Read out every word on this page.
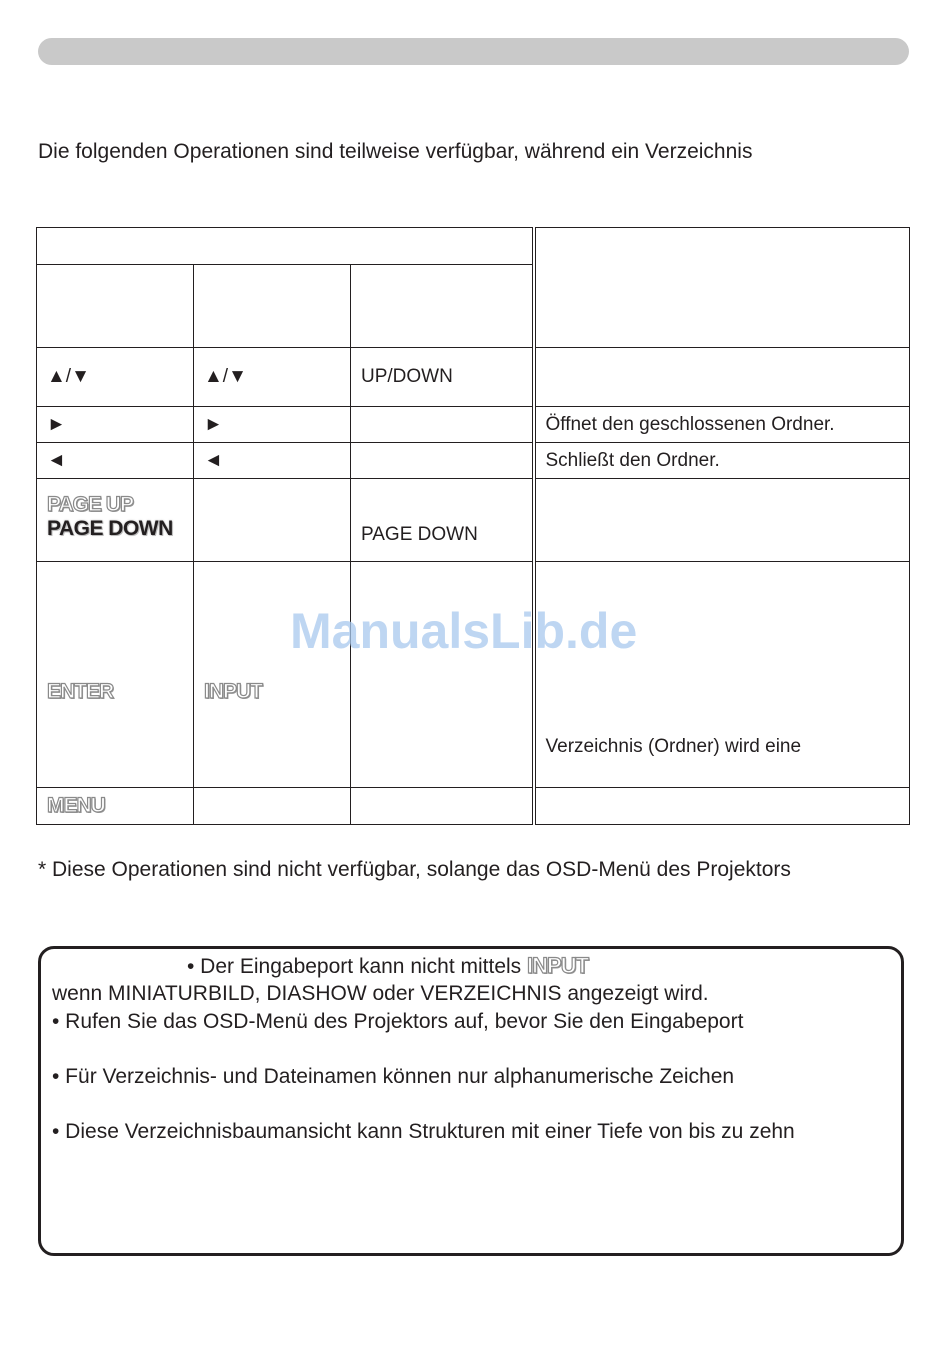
Die folgenden Operationen sind teilweise verfügbar, während ein Verzeichnis

▲/▼	▲/▼	UP/DOWN	
►	►		Öffnet den geschlossenen Ordner.
◄	◄		Schließt den Ordner.

PAGE UP
PAGE DOWN		PAGE DOWN	

ENTER	INPUT		Verzeichnis (Ordner) wird eine

MENU			

ManualsLib.de

* Diese Operationen sind nicht verfügbar, solange das OSD-Menü des Projektors

• Der Eingabeport kann nicht mittels INPUT
wenn MINIATURBILD, DIASHOW oder VERZEICHNIS angezeigt wird.
• Rufen Sie das OSD-Menü des Projektors auf, bevor Sie den Eingabeport
• Für Verzeichnis- und Dateinamen können nur alphanumerische Zeichen
• Diese Verzeichnisbaumansicht kann Strukturen mit einer Tiefe von bis zu zehn
